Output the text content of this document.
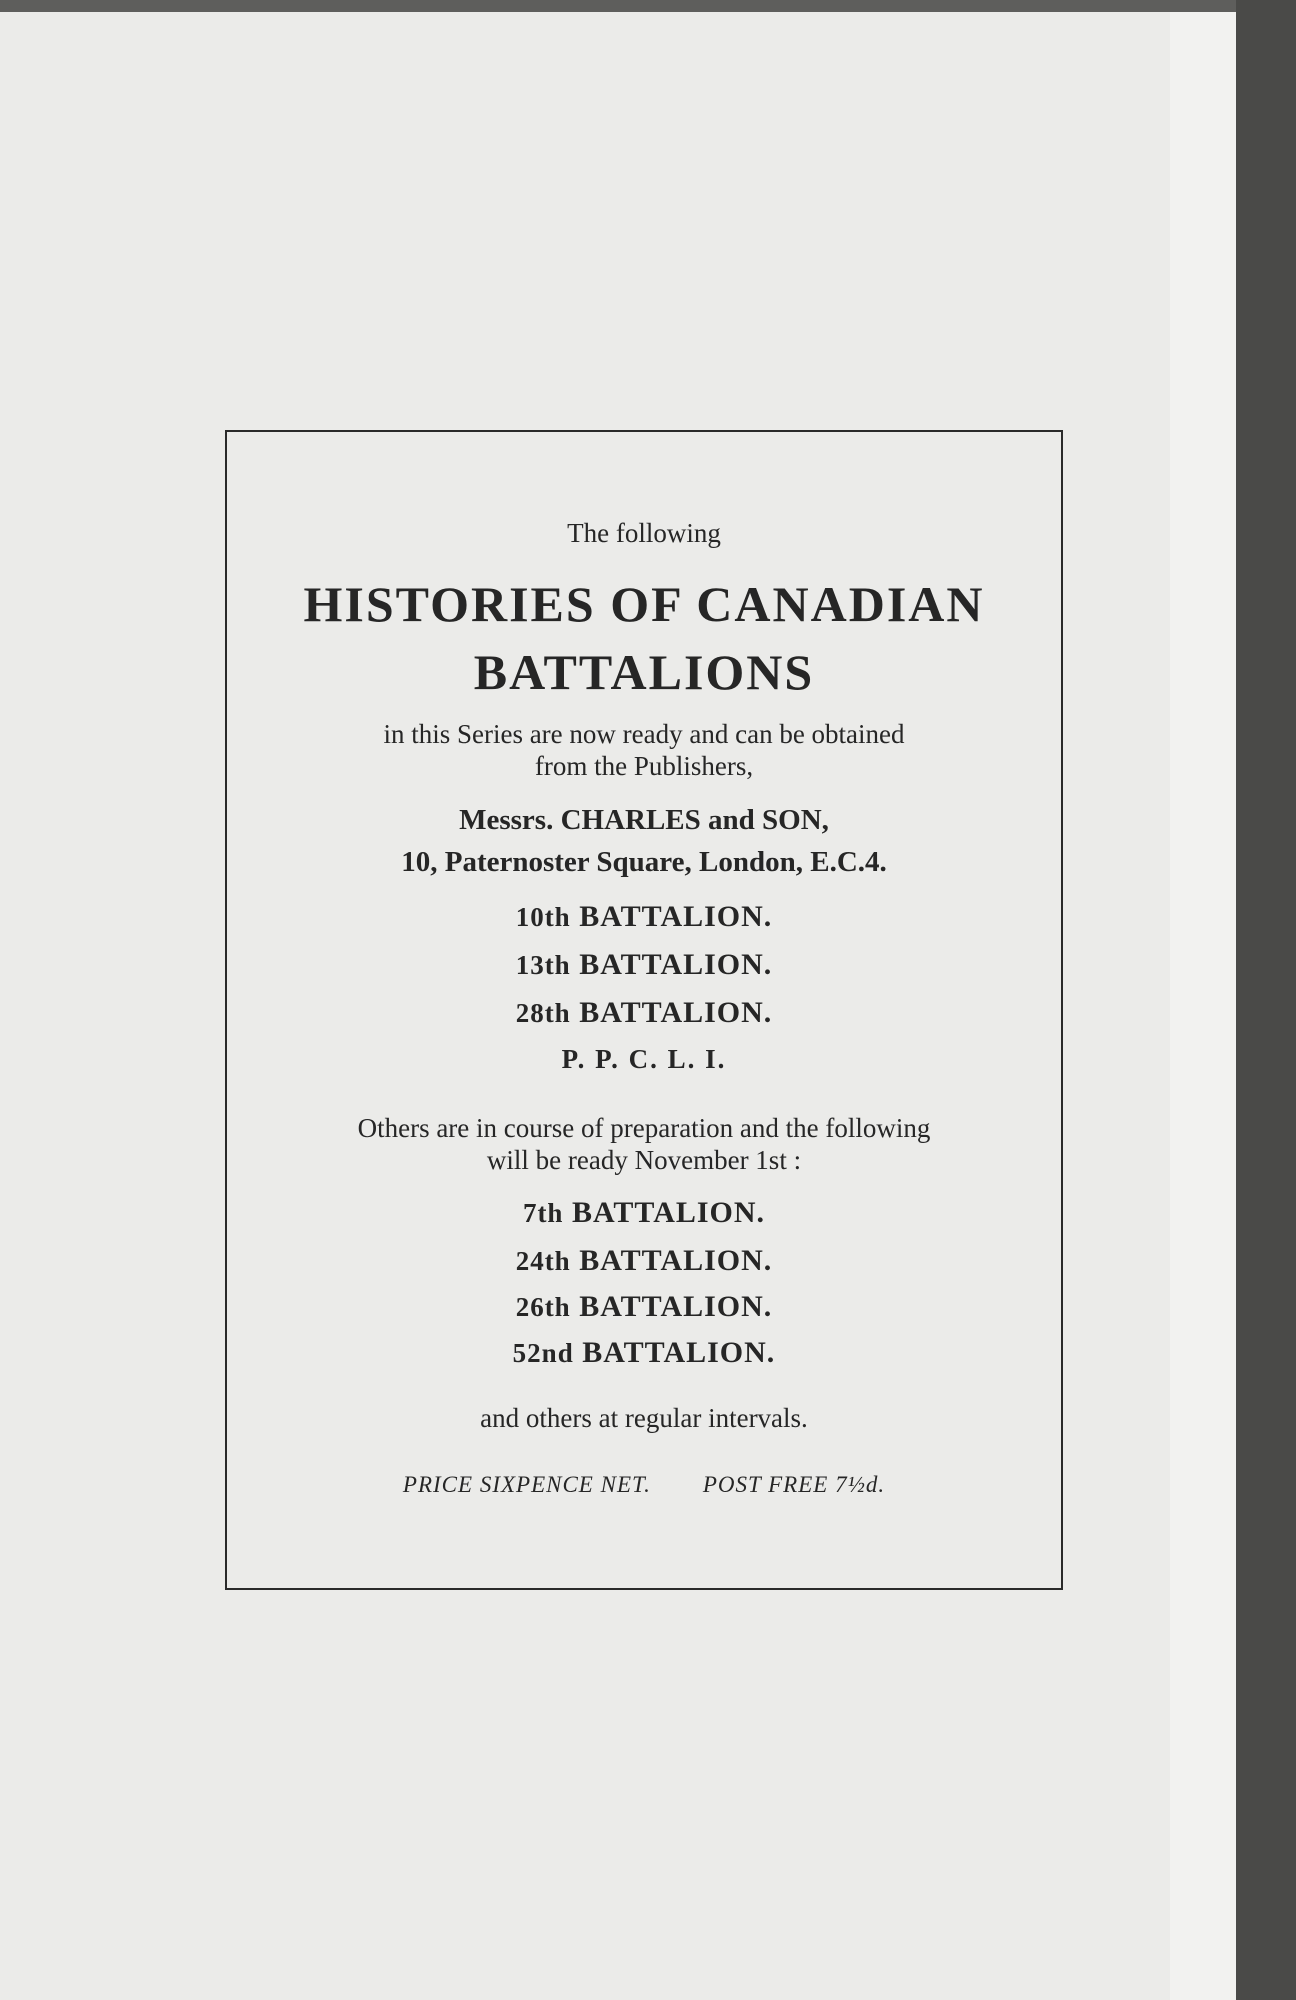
The following
HISTORIES OF CANADIAN
BATTALIONS
in this Series are now ready and can be obtained
from the Publishers,
Messrs. CHARLES and SON,
10, Paternoster Square, London, E.C.4.
10th BATTALION.
13th BATTALION.
28th BATTALION.
P. P. C. L. I.
Others are in course of preparation and the following
will be ready November 1st :
7th BATTALION.
24th BATTALION.
26th BATTALION.
52nd BATTALION.
and others at regular intervals.
PRICE SIXPENCE NET. POST FREE 7½d.
